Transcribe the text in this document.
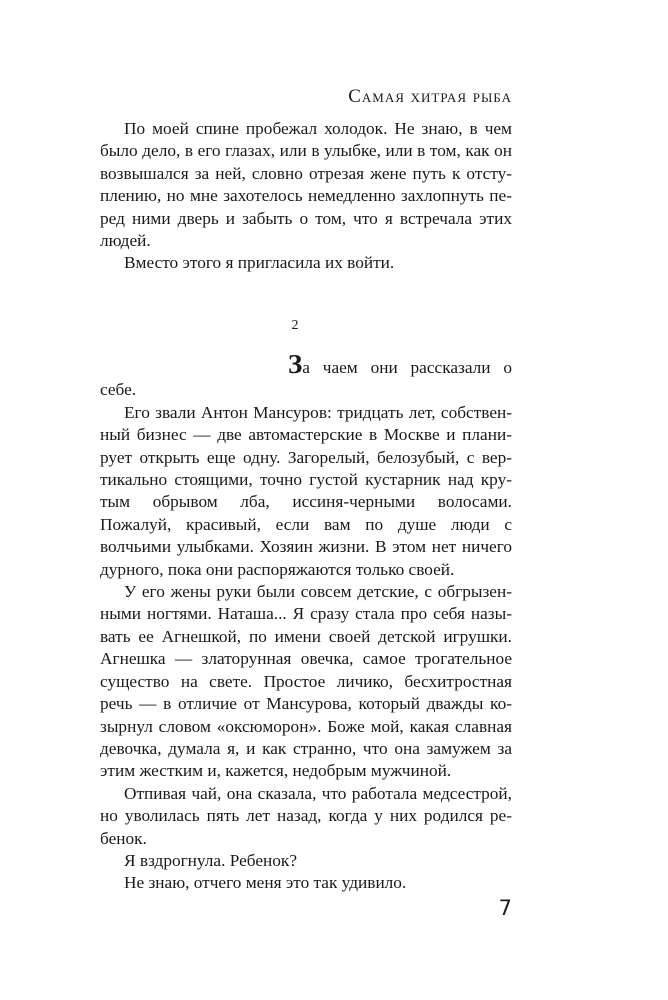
Самая хитрая рыба

По моей спине пробежал холодок. Не знаю, в чем было дело, в его глазах, или в улыбке, или в том, как он возвышался за ней, словно отрезая жене путь к отступлению, но мне захотелось немедленно захлопнуть перед ними дверь и забыть о том, что я встречала этих людей.

Вместо этого я пригласила их войти.

2

За чаем они рассказали о себе.

Его звали Антон Мансуров: тридцать лет, собственный бизнес — две автомастерские в Москве и планирует открыть еще одну. Загорелый, белозубый, с вертикально стоящими, точно густой кустарник над крутым обрывом лба, иссиня-черными волосами. Пожалуй, красивый, если вам по душе люди с волчьими улыбками. Хозяин жизни. В этом нет ничего дурного, пока они распоряжаются только своей.

У его жены руки были совсем детские, с обгрызенными ногтями. Наташа... Я сразу стала про себя называть ее Агнешкой, по имени своей детской игрушки. Агнешка — златорунная овечка, самое трогательное существо на свете. Простое личико, бесхитростная речь — в отличие от Мансурова, который дважды козырнул словом «оксюморон». Боже мой, какая славная девочка, думала я, и как странно, что она замужем за этим жестким и, кажется, недобрым мужчиной.

Отпивая чай, она сказала, что работала медсестрой, но уволилась пять лет назад, когда у них родился ребенок.

Я вздрогнула. Ребенок?

Не знаю, отчего меня это так удивило.

7
